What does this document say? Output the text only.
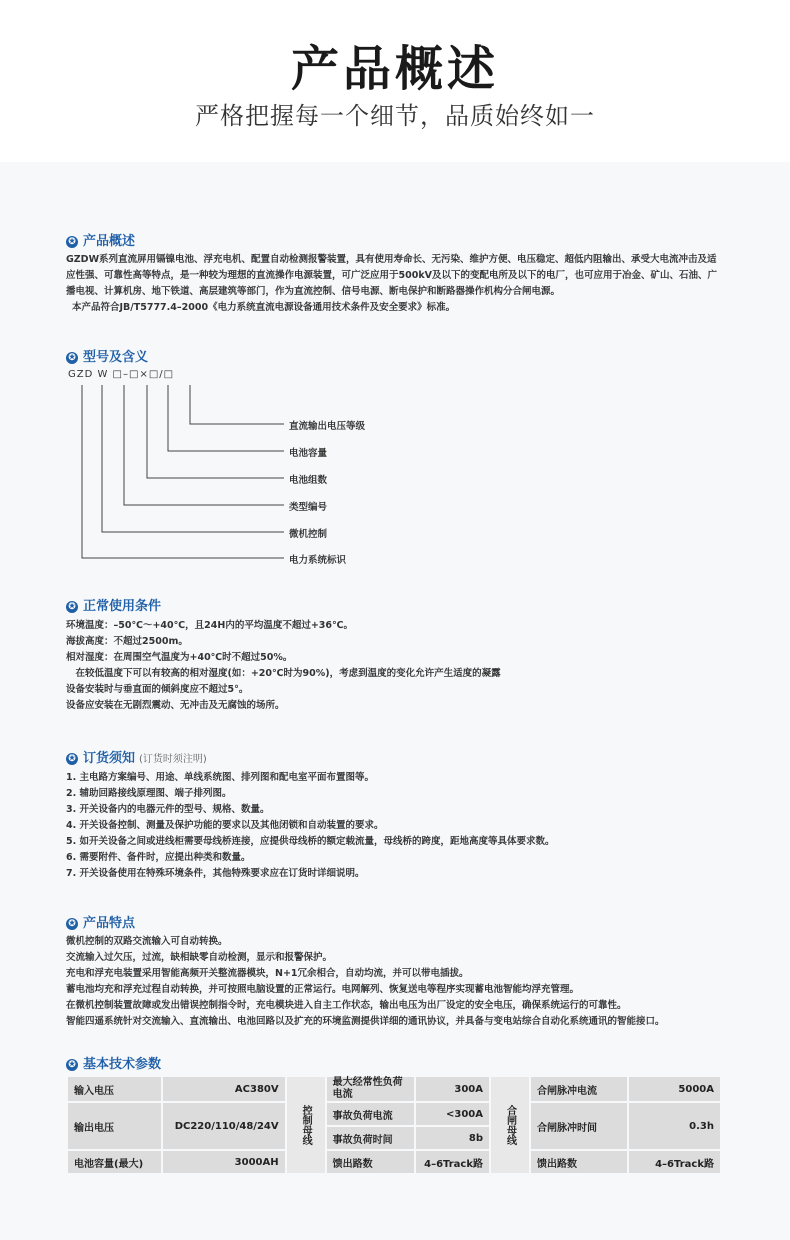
产品概述
严格把握每一个细节，品质始终如一
✪ 产品概述

GZDW系列直流屏用镉镍电池、浮充电机、配置自动检测报警装置，具有使用寿命长、无污染、维护方便、电压稳定、超低内阻输出、承受大电流冲击及适应性强、可靠性高等特点，是一种较为理想的直流操作电源装置，可广泛应用于500kV及以下的变配电所及以下的电厂，也可应用于冶金、矿山、石油、广播电视、计算机房、地下铁道、高层建筑等部门，作为直流控制、信号电源、断电保护和断路器操作机构分合闸电源。

本产品符合JB/T5777.4–2000《电力系统直流电源设备通用技术条件及安全要求》标准。
✪ 型号及含义
GZD W □–□×□/□
直流输出电压等级
电池容量
电池组数
类型编号
微机控制
电力系统标识
✪ 正常使用条件
环境温度：–50℃～+40℃，且24H内的平均温度不超过+36℃。
海拔高度：不超过2500m。
相对湿度：在周围空气温度为+40℃时不超过50%。
　在较低温度下可以有较高的相对湿度(如：+20℃时为90%)，考虑到温度的变化允许产生适度的凝露
设备安装时与垂直面的倾斜度应不超过5°。
设备应安装在无剧烈震动、无冲击及无腐蚀的场所。
✪ 订货须知 (订货时须注明)
1. 主电路方案编号、用途、单线系统图、排列图和配电室平面布置图等。
2. 辅助回路接线原理图、端子排列图。
3. 开关设备内的电器元件的型号、规格、数量。
4. 开关设备控制、测量及保护功能的要求以及其他闭锁和自动装置的要求。
5. 如开关设备之间或进线柜需要母线桥连接，应提供母线桥的额定载流量，母线桥的跨度，距地高度等具体要求数。
6. 需要附件、备件时，应提出种类和数量。
7. 开关设备使用在特殊环境条件，其他特殊要求应在订货时详细说明。
✪ 产品特点
微机控制的双路交流输入可自动转换。
交流输入过欠压，过流，缺相缺零自动检测，显示和报警保护。
充电和浮充电装置采用智能高频开关整流器模块，N+1冗余相合，自动均流，并可以带电插拔。
蓄电池均充和浮充过程自动转换，并可按照电脑设置的正常运行。电网解列、恢复送电等程序实现蓄电池智能均浮充管理。
在微机控制装置故障或发出错误控制指令时，充电模块进入自主工作状态，输出电压为出厂设定的安全电压，确保系统运行的可靠性。
智能四遥系统针对交流输入、直流输出、电池回路以及扩充的环境监测提供详细的通讯协议，并具备与变电站综合自动化系统通讯的智能接口。
✪ 基本技术参数
输入电压	AC380V	控制母线	最大经常性负荷电流	300A	合闸母线	合闸脉冲电流	5000A
输出电压	DC220/110/48/24V		事故负荷电流	<300A		合闸脉冲时间	0.3h
			事故负荷时间	8b			
电池容量(最大)	3000AH		馈出路数	4–6Track路		馈出路数	4–6Track路
